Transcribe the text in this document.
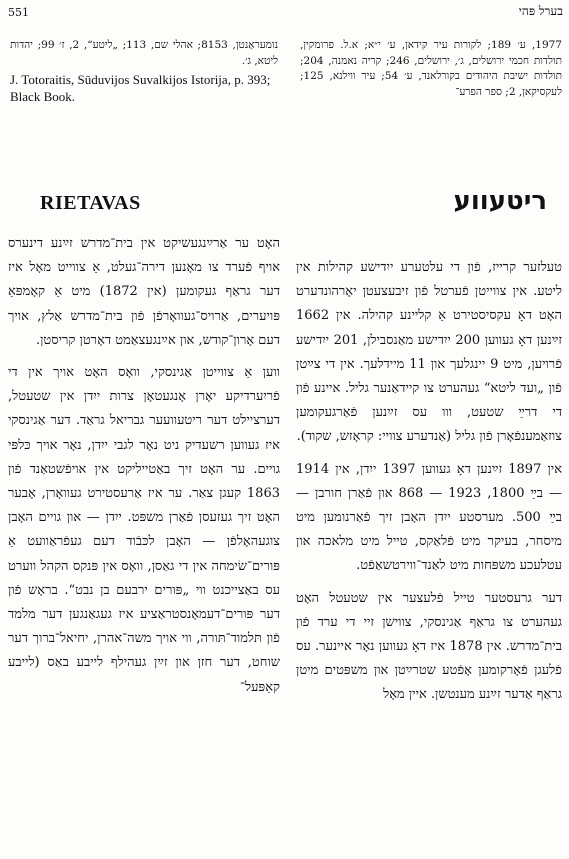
551	בערל פּהי

1977, ע׳ 189; לקורות עיר קידאן, ע׳ י״א; א.ל. פרומקין, תולדות חכמי ירושלים, ג׳, ירושלים, 246; קריה נאמנה, 204; תולדות ישיבת היהודים בקורלאנד, ע׳ 54; עיר ווילנא, 125; לעקסיקאן, 2; ספר הפרע־

נומעראַנטן, 8153; אהלי שם, 113; „ליטע“, 2, ז׳ 99; יהדות ליטא, ג׳.

J. Totoraitis, Sūduvijos Suvalkijos Istorija, p. 393; Black Book.

RIETAVAS	ריטעווע

טעלזער קרייז, פֿון די עלטערע ייִדישע קהילות אין ליטע. אין צווייטן פֿערטל פֿון זיבעצעטן יאָרהונדערט האָט דאָ עקסיסטירט אַ קליינע קהילה. אין 1662 זײַנען דאָ געווען 200 ייִדישע מאַנסבילן, 201 ייִדישע פֿרויען, מיט 9 יינגלעך און 11 מיידלעך. אין די צײַטן פֿון „ועד ליטא“ געהערט צו קיידאַנער גליל. איינע פֿון די דרײַ שטעט, ווו עס זײַנען פֿאַרגעקומען צוזאַמענפֿאָרן פֿון גליל (אַנדערע צוויי: קראָזש, שקוד).

אין 1897 זײַנען דאָ געווען 1397 ייִדן, אין 1914 — בײַ 1800, 1923 — 868 און פֿאַרן חורבן — בײַ 500. מערסטע ייִדן האָבן זיך פֿאַרנומען מיט מיסחר, בעיקר מיט פֿלאַקס, טייל מיט מלאכה און עטלעכע משפּחות מיט לאַנד־ווירטשאַפֿט.

דער גרעסטער טייל פֿלעצער אין שטעטל האָט געהערט צו גראַף אַגינסקי, צווישן זיי די ערד פֿון בית־מדרש. אין 1878 איז דאָ געווען נאָר איינער. עס פֿלעגן פֿאָרקומען אָפֿטע שטרײַטן און משפּטים מיטן גראַף אַדער זײַנע מענטשן. איין מאָל

האָט ער אַרײַנגעשיקט אין בית־מדרש זײַנע דינערס אויף פֿערד צו מאָנען דירה־געלט, אַ צווייט מאָל איז דער גראַף געקומען (אין 1872) מיט אַ קאָמפּאַ פּויערים, אַרויס־געוואָרפֿן פֿון בית־מדרש אַלץ, אויך דעם אָרון־קודש, און אײַנגעצאַמט דאָרטן קריסטן.

ווען אַ צווייטן אַגינסקי, וואָס האָט אויך אין די פֿריִערדיקע יאָרן אָנגעטאָן צרות ייִדן אין שטעטל, דערציילט דער ריטעוועער גבריאל גראַד. דער אַגינסקי איז געווען רשעדיק ניט נאָר לגבי ייִדן, נאָר אויך כּלפּי גויים. ער האָט זיך באַטייליקט אין אויפֿשטאַנד פֿון 1863 קעגן צאַר. ער איז אַרעסטירט געוואָרן, אָבער האָט זיך געזעסן פֿאַרן משפּט. ייִדן — און גויים האָבן צוגעהאָלפֿן — האָבן לכּבֿוד דעם געפֿראַוועט אַ פּורים־שׂימחה אין די גאַסן, וואָס אין פּנקס הקהל ווערט עס באַצייכנט ווי „פּורים ירבעם בן נבט“. בראָש פֿון דער פּורים־דעמאָנסטראַציע איז געגאַנגען דער מלמד פֿון תּלמוד־תּורה, ווי אויך משה־אהרן, יחיאל־ברוך דער שוחט, דער חזן און זײַן געהילף לייבע באַס (לייבע קאַפּעל־
